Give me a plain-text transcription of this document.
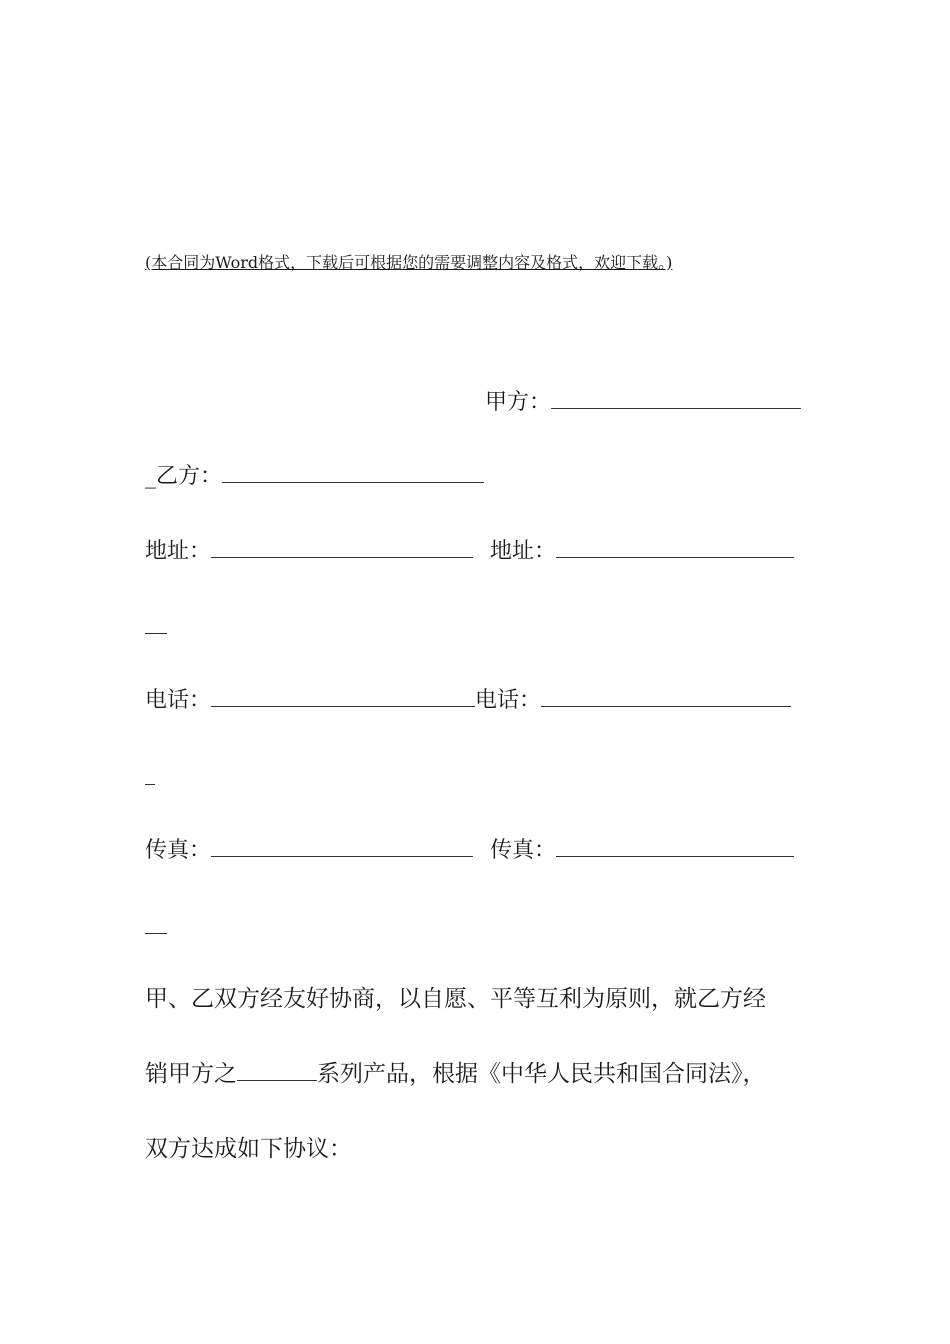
(本合同为Word格式，下载后可根据您的需要调整内容及格式，欢迎下载。)
甲方：
_乙方：
地址：	地址：
电话：	电话：
传真：	传真：
甲、乙双方经友好协商，以自愿、平等互利为原则，就乙方经
销甲方之	系列产品，根据《中华人民共和国合同法》，
双方达成如下协议：
